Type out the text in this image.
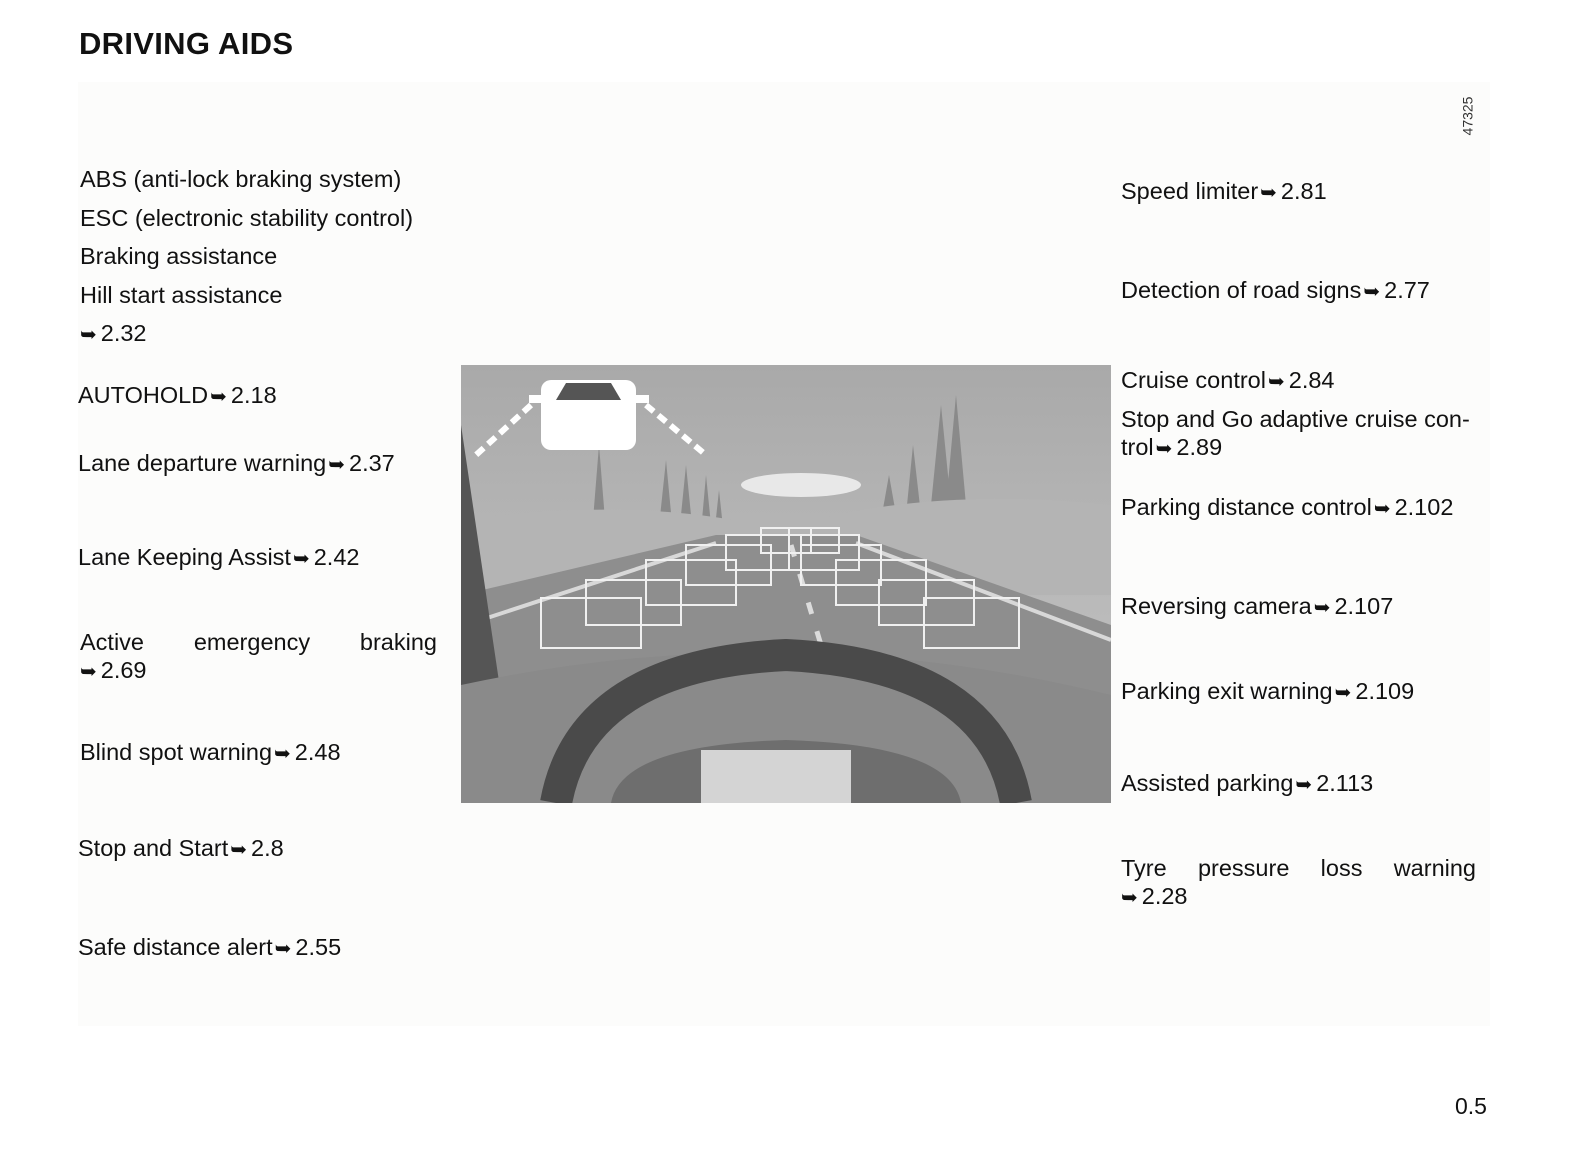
DRIVING AIDS
47325
ABS (anti-lock braking system)
ESC (electronic stability control)
Braking assistance
Hill start assistance
➥ 2.32
AUTOHOLD ➥ 2.18
Lane departure warning ➥ 2.37
Lane Keeping Assist ➥ 2.42
Active emergency braking
➥ 2.69
Blind spot warning ➥ 2.48
Stop and Start ➥ 2.8
Safe distance alert ➥ 2.55
Speed limiter ➥ 2.81
Detection of road signs ➥ 2.77
Cruise control ➥ 2.84
Stop and Go adaptive cruise con-
trol ➥ 2.89
Parking distance control ➥ 2.102
Reversing camera ➥ 2.107
Parking exit warning ➥ 2.109
Assisted parking ➥ 2.113
Tyre pressure loss warning
➥ 2.28
0.5
